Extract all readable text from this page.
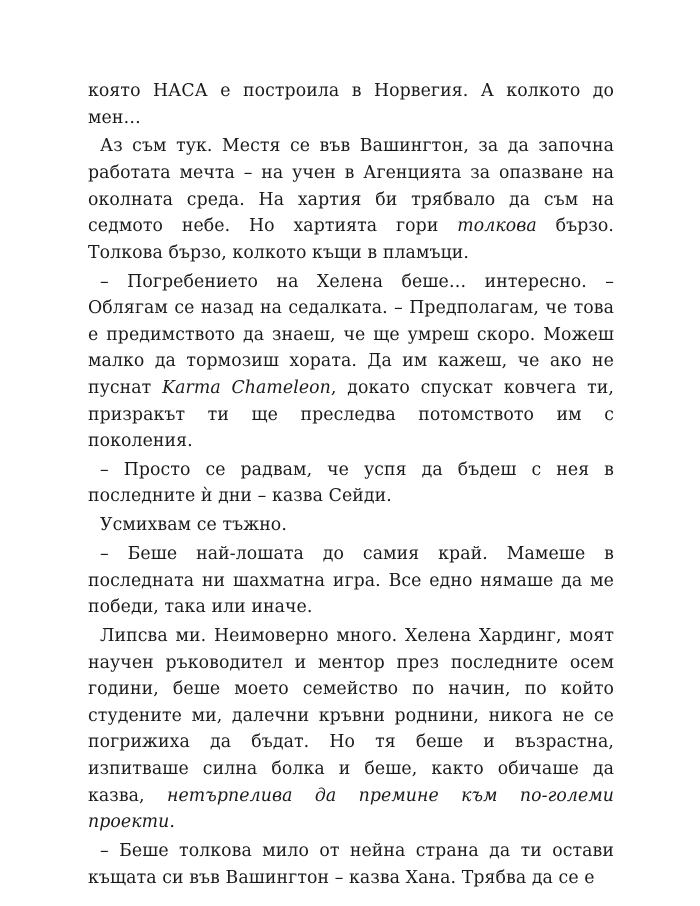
която НАСА е построила в Норвегия. А колкото до мен…

Аз съм тук. Местя се във Вашингтон, за да започна работата мечта – на учен в Агенцията за опазване на околната среда. На хартия би трябвало да съм на седмото небе. Но хартията гори толкова бързо. Толкова бързо, колкото къщи в пламъци.

– Погребението на Хелена беше… интересно. – Облягам се назад на седалката. – Предполагам, че това е предимството да знаеш, че ще умреш скоро. Можеш малко да тормозиш хората. Да им кажеш, че ако не пуснат Karma Chameleon, докато спускат ковчега ти, призракът ти ще преследва потомството им с поколения.

– Просто се радвам, че успя да бъдеш с нея в последните ѝ дни – казва Сейди.

Усмихвам се тъжно.

– Беше най-лошата до самия край. Мамеше в последната ни шахматна игра. Все едно нямаше да ме победи, така или иначе.

Липсва ми. Неимоверно много. Хелена Хардинг, моят научен ръководител и ментор през последните осем години, беше моето семейство по начин, по който студените ми, далечни кръвни роднини, никога не се погрижиха да бъдат. Но тя беше и възрастна, изпитваше силна болка и беше, както обичаше да казва, нетърпелива да премине към по-големи проекти.

– Беше толкова мило от нейна страна да ти остави къщата си във Вашингтон – казва Хана. Трябва да се е
